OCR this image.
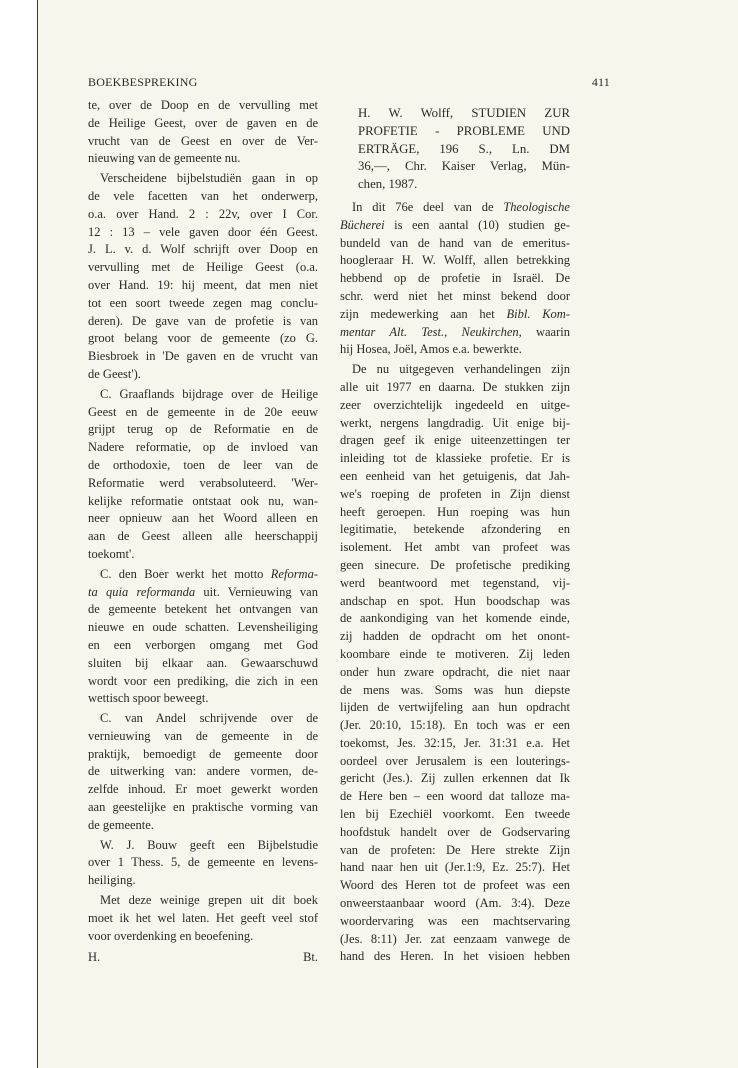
BOEKBESPREKING	411
te, over de Doop en de vervulling met
de Heilige Geest, over de gaven en de
vrucht van de Geest en over de Ver-
nieuwing van de gemeente nu.
Verscheidene bijbelstudiën gaan in op
de vele facetten van het onderwerp,
o.a. over Hand. 2 : 22v, over I Cor.
12 : 13 – vele gaven door één Geest.
J. L. v. d. Wolf schrijft over Doop en
vervulling met de Heilige Geest (o.a.
over Hand. 19: hij meent, dat men niet
tot een soort tweede zegen mag conclu-
deren). De gave van de profetie is van
groot belang voor de gemeente (zo G.
Biesbroek in 'De gaven en de vrucht van
de Geest').
C. Graaflands bijdrage over de Heilige
Geest en de gemeente in de 20e eeuw
grijpt terug op de Reformatie en de
Nadere reformatie, op de invloed van
de orthodoxie, toen de leer van de
Reformatie werd verabsoluteerd. 'Wer-
kelijke reformatie ontstaat ook nu, wan-
neer opnieuw aan het Woord alleen en
aan de Geest alleen alle heerschappij
toekomt'.
C. den Boer werkt het motto Reforma-
ta quia reformanda uit. Vernieuwing van
de gemeente betekent het ontvangen van
nieuwe en oude schatten. Levensheiliging
en een verborgen omgang met God
sluiten bij elkaar aan. Gewaarschuwd
wordt voor een prediking, die zich in een
wettisch spoor beweegt.
C. van Andel schrijvende over de
vernieuwing van de gemeente in de
praktijk, bemoedigt de gemeente door
de uitwerking van: andere vormen, de-
zelfde inhoud. Er moet gewerkt worden
aan geestelijke en praktische vorming van
de gemeente.
W. J. Bouw geeft een Bijbelstudie
over 1 Thess. 5, de gemeente en levens-
heiliging.
Met deze weinige grepen uit dit boek
moet ik het wel laten. Het geeft veel stof
voor overdenking en beoefening.
H.	Bt.
H. W. Wolff, STUDIEN ZUR
PROFETIE - PROBLEME UND
ERTRÄGE, 196 S., Ln. DM
36,—, Chr. Kaiser Verlag, Mün-
chen, 1987.
In dit 76e deel van de Theologische
Bücherei is een aantal (10) studien ge-
bundeld van de hand van de emeritus-
hoogleraar H. W. Wolff, allen betrekking
hebbend op de profetie in Israël. De
schr. werd niet het minst bekend door
zijn medewerking aan het Bibl. Kom-
mentar Alt. Test., Neukirchen, waarin
hij Hosea, Joël, Amos e.a. bewerkte.
De nu uitgegeven verhandelingen zijn
alle uit 1977 en daarna. De stukken zijn
zeer overzichtelijk ingedeeld en uitge-
werkt, nergens langdradig. Uit enige bij-
dragen geef ik enige uiteenzettingen ter
inleiding tot de klassieke profetie. Er is
een eenheid van het getuigenis, dat Jah-
we's roeping de profeten in Zijn dienst
heeft geroepen. Hun roeping was hun
legitimatie, betekende afzondering en
isolement. Het ambt van profeet was
geen sinecure. De profetische prediking
werd beantwoord met tegenstand, vij-
andschap en spot. Hun boodschap was
de aankondiging van het komende einde,
zij hadden de opdracht om het onont-
koombare einde te motiveren. Zij leden
onder hun zware opdracht, die niet naar
de mens was. Soms was hun diepste
lijden de vertwijfeling aan hun opdracht
(Jer. 20:10, 15:18). En toch was er een
toekomst, Jes. 32:15, Jer. 31:31 e.a. Het
oordeel over Jerusalem is een louterings-
gericht (Jes.). Zij zullen erkennen dat Ik
de Here ben – een woord dat talloze ma-
len bij Ezechiël voorkomt. Een tweede
hoofdstuk handelt over de Godservaring
van de profeten: De Here strekte Zijn
hand naar hen uit (Jer.1:9, Ez. 25:7). Het
Woord des Heren tot de profeet was een
onweerstaanbaar woord (Am. 3:4). Deze
woordervaring was een machtservaring
(Jes. 8:11) Jer. zat eenzaam vanwege de
hand des Heren. In het visioen hebben
